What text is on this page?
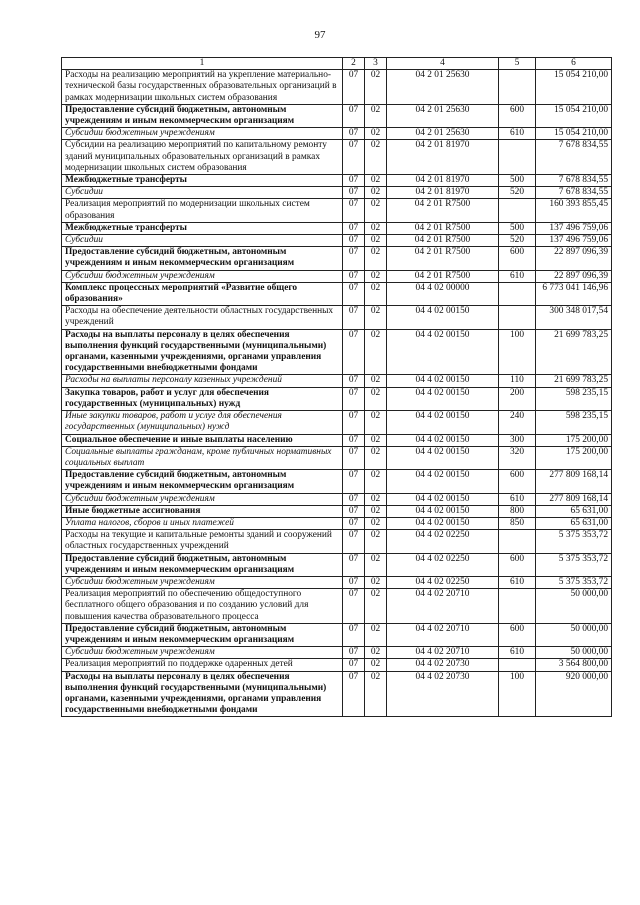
97
1	2	3	4	5	6
Расходы на реализацию мероприятий на укрепление материально-технической базы государственных образовательных организаций в рамках модернизации школьных систем образования	07	02	04 2 01 25630		15 054 210,00
Предоставление субсидий бюджетным, автономным учреждениям и иным некоммерческим организациям	07	02	04 2 01 25630	600	15 054 210,00
Субсидии бюджетным учреждениям	07	02	04 2 01 25630	610	15 054 210,00
Субсидии на реализацию мероприятий по капитальному ремонту зданий муниципальных образовательных организаций в рамках модернизации школьных систем образования	07	02	04 2 01 81970		7 678 834,55
Межбюджетные трансферты	07	02	04 2 01 81970	500	7 678 834,55
Субсидии	07	02	04 2 01 81970	520	7 678 834,55
Реализация мероприятий по модернизации школьных систем образования	07	02	04 2 01 R7500		160 393 855,45
Межбюджетные трансферты	07	02	04 2 01 R7500	500	137 496 759,06
Субсидии	07	02	04 2 01 R7500	520	137 496 759,06
Предоставление субсидий бюджетным, автономным учреждениям и иным некоммерческим организациям	07	02	04 2 01 R7500	600	22 897 096,39
Субсидии бюджетным учреждениям	07	02	04 2 01 R7500	610	22 897 096,39
Комплекс процессных мероприятий «Развитие общего образования»	07	02	04 4 02 00000		6 773 041 146,96
Расходы на обеспечение деятельности областных государственных учреждений	07	02	04 4 02 00150		300 348 017,54
Расходы на выплаты персоналу в целях обеспечения выполнения функций государственными (муниципальными) органами, казенными учреждениями, органами управления государственными внебюджетными фондами	07	02	04 4 02 00150	100	21 699 783,25
Расходы на выплаты персоналу казенных учреждений	07	02	04 4 02 00150	110	21 699 783,25
Закупка товаров, работ и услуг для обеспечения государственных (муниципальных) нужд	07	02	04 4 02 00150	200	598 235,15
Иные закупки товаров, работ и услуг для обеспечения государственных (муниципальных) нужд	07	02	04 4 02 00150	240	598 235,15
Социальное обеспечение и иные выплаты населению	07	02	04 4 02 00150	300	175 200,00
Социальные выплаты гражданам, кроме публичных нормативных социальных выплат	07	02	04 4 02 00150	320	175 200,00
Предоставление субсидий бюджетным, автономным учреждениям и иным некоммерческим организациям	07	02	04 4 02 00150	600	277 809 168,14
Субсидии бюджетным учреждениям	07	02	04 4 02 00150	610	277 809 168,14
Иные бюджетные ассигнования	07	02	04 4 02 00150	800	65 631,00
Уплата налогов, сборов и иных платежей	07	02	04 4 02 00150	850	65 631,00
Расходы на текущие и капитальные ремонты зданий и сооружений областных государственных учреждений	07	02	04 4 02 02250		5 375 353,72
Предоставление субсидий бюджетным, автономным учреждениям и иным некоммерческим организациям	07	02	04 4 02 02250	600	5 375 353,72
Субсидии бюджетным учреждениям	07	02	04 4 02 02250	610	5 375 353,72
Реализация мероприятий по обеспечению общедоступного бесплатного общего образования и по созданию условий для повышения качества образовательного процесса	07	02	04 4 02 20710		50 000,00
Предоставление субсидий бюджетным, автономным учреждениям и иным некоммерческим организациям	07	02	04 4 02 20710	600	50 000,00
Субсидии бюджетным учреждениям	07	02	04 4 02 20710	610	50 000,00
Реализация мероприятий по поддержке одаренных детей	07	02	04 4 02 20730		3 564 800,00
Расходы на выплаты персоналу в целях обеспечения выполнения функций государственными (муниципальными) органами, казенными учреждениями, органами управления государственными внебюджетными фондами	07	02	04 4 02 20730	100	920 000,00
